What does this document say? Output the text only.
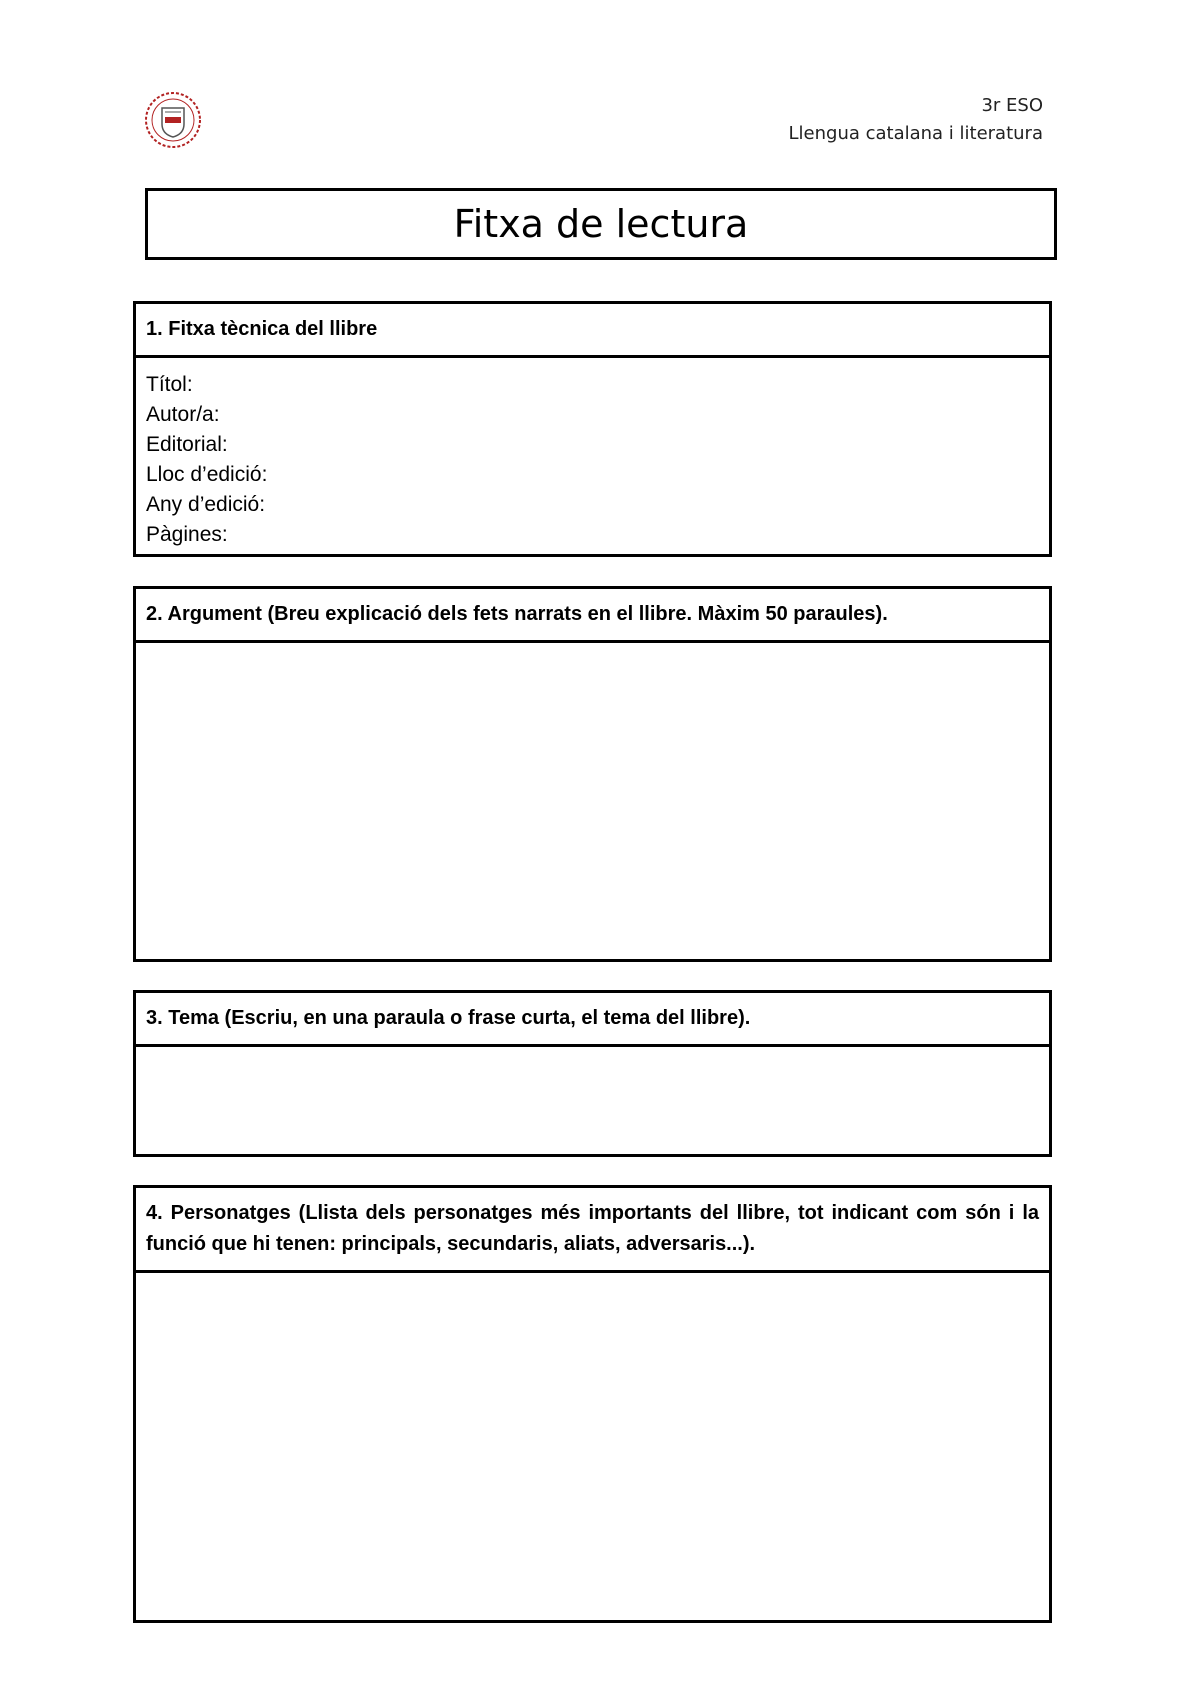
3r ESO
Llengua catalana i literatura
Fitxa de lectura
1. Fitxa tècnica del llibre
Títol:
Autor/a:
Editorial:
Lloc d’edició:
Any d’edició:
Pàgines:
2. Argument (Breu explicació dels fets narrats en el llibre. Màxim 50 paraules).
3. Tema (Escriu, en una paraula o frase curta, el tema del llibre).
4. Personatges (Llista dels personatges més importants del llibre, tot indicant com són i la funció que hi tenen: principals, secundaris, aliats, adversaris...).
